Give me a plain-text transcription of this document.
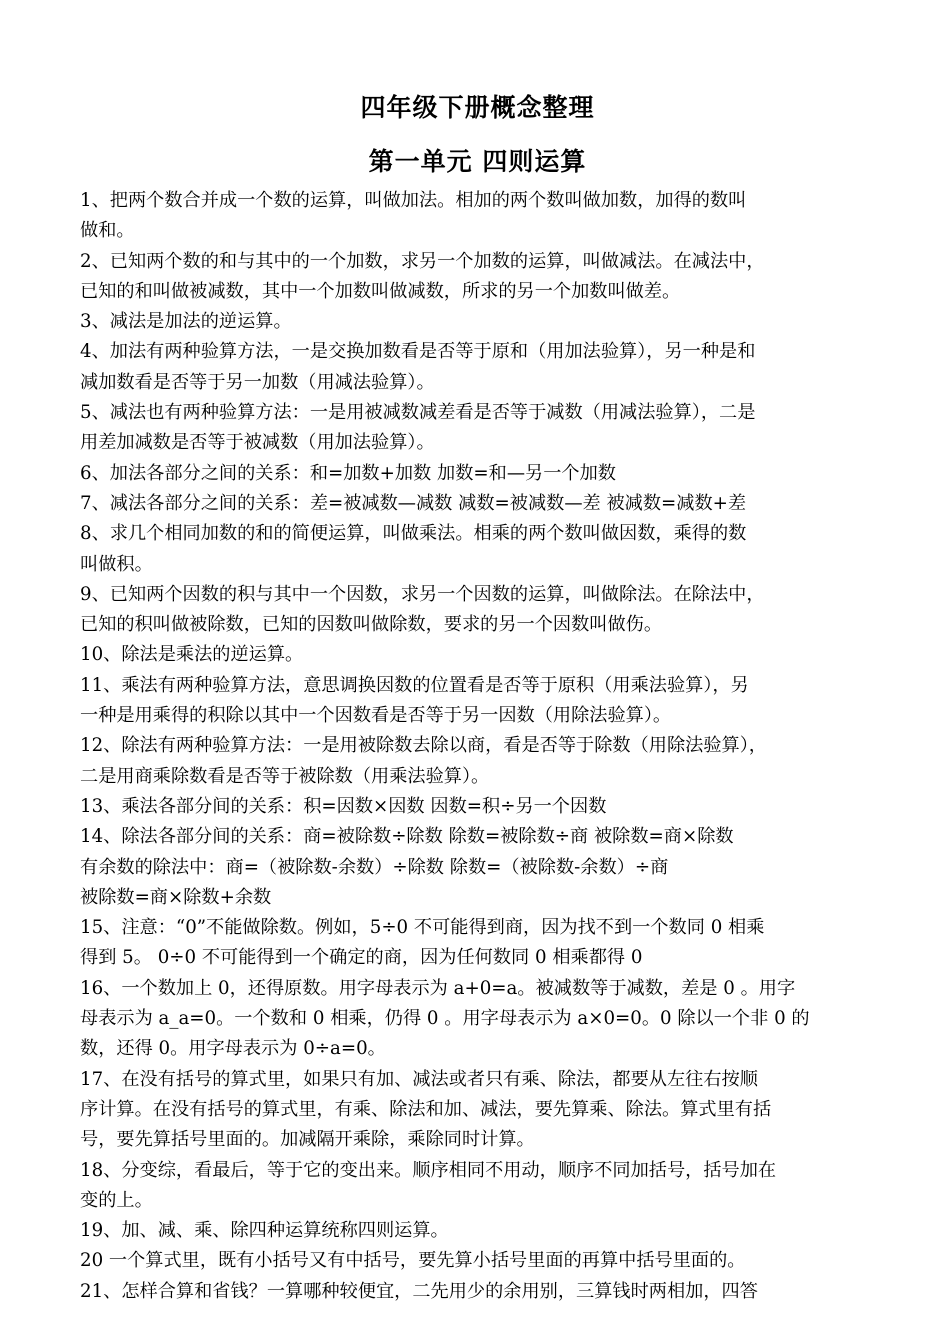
四年级下册概念整理
第一单元 四则运算

1、把两个数合并成一个数的运算，叫做加法。相加的两个数叫做加数，加得的数叫
做和。

2、已知两个数的和与其中的一个加数，求另一个加数的运算，叫做减法。在减法中，
已知的和叫做被减数，其中一个加数叫做减数，所求的另一个加数叫做差。

3、减法是加法的逆运算。

4、加法有两种验算方法，一是交换加数看是否等于原和（用加法验算），另一种是和
减加数看是否等于另一加数（用减法验算）。

5、减法也有两种验算方法：一是用被减数减差看是否等于减数（用减法验算），二是
用差加减数是否等于被减数（用加法验算）。

6、加法各部分之间的关系：和=加数+加数 加数=和—另一个加数

7、减法各部分之间的关系：差=被减数—减数 减数=被减数—差 被减数=减数+差

8、求几个相同加数的和的简便运算，叫做乘法。相乘的两个数叫做因数，乘得的数
叫做积。

9、已知两个因数的积与其中一个因数，求另一个因数的运算，叫做除法。在除法中，
已知的积叫做被除数，已知的因数叫做除数，要求的另一个因数叫做伤。

10、除法是乘法的逆运算。

11、乘法有两种验算方法，意思调换因数的位置看是否等于原积（用乘法验算），另
一种是用乘得的积除以其中一个因数看是否等于另一因数（用除法验算）。

12、除法有两种验算方法：一是用被除数去除以商，看是否等于除数（用除法验算），
二是用商乘除数看是否等于被除数（用乘法验算）。

13、乘法各部分间的关系：积=因数×因数 因数=积÷另一个因数

14、除法各部分间的关系：商=被除数÷除数 除数=被除数÷商 被除数=商×除数
有余数的除法中：商=（被除数-余数）÷除数 除数=（被除数-余数）÷商
被除数=商×除数+余数

15、注意：“0”不能做除数。例如，5÷0 不可能得到商，因为找不到一个数同 0 相乘
得到 5。 0÷0 不可能得到一个确定的商，因为任何数同 0 相乘都得 0

16、一个数加上 0，还得原数。用字母表示为 a+0=a。被减数等于减数，差是 0 。用字
母表示为 a_a=0。一个数和 0 相乘，仍得 0 。用字母表示为 a×0=0。0 除以一个非 0 的
数，还得 0。用字母表示为 0÷a=0。

17、在没有括号的算式里，如果只有加、减法或者只有乘、除法，都要从左往右按顺
序计算。在没有括号的算式里，有乘、除法和加、减法，要先算乘、除法。算式里有括
号，要先算括号里面的。加减隔开乘除，乘除同时计算。

18、分变综，看最后，等于它的变出来。顺序相同不用动，顺序不同加括号，括号加在
变的上。

19、加、减、乘、除四种运算统称四则运算。

20 一个算式里，既有小括号又有中括号，要先算小括号里面的再算中括号里面的。

21、怎样合算和省钱？一算哪种较便宜，二先用少的余用别，三算钱时两相加，四答
